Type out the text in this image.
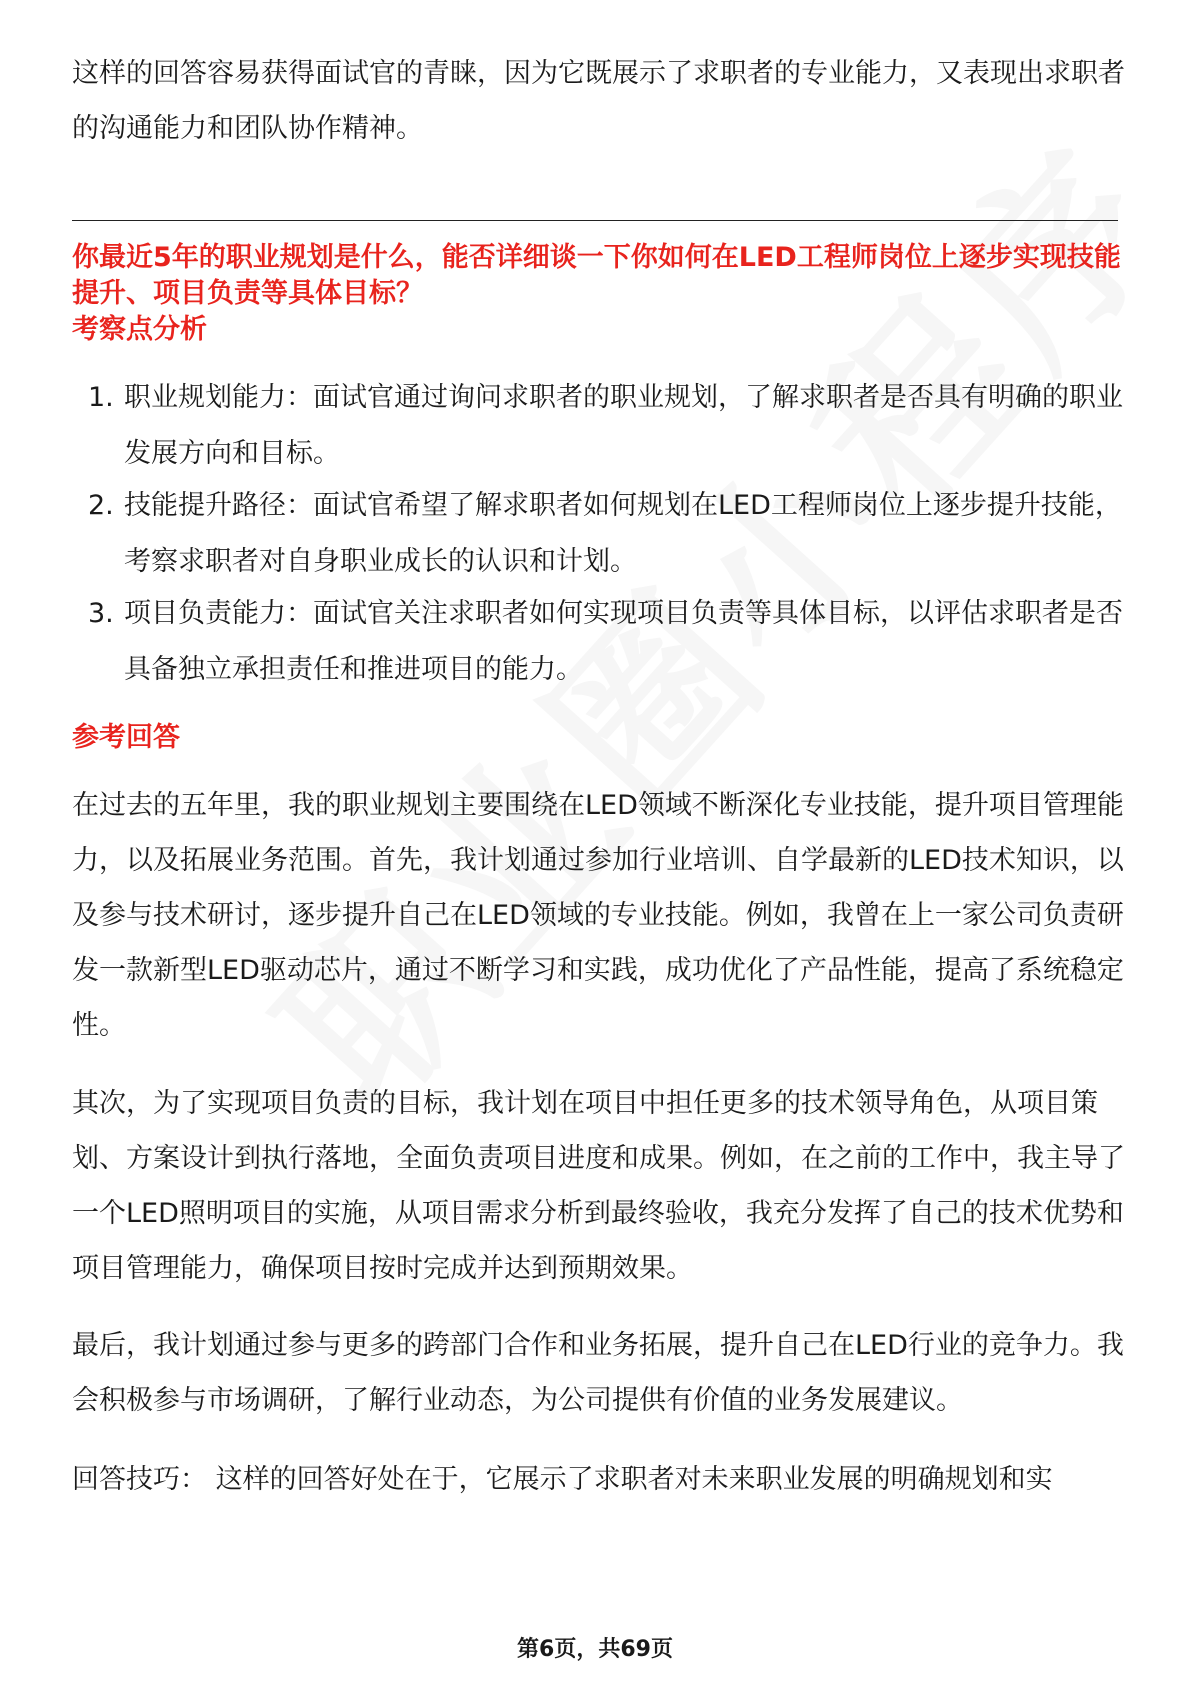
这样的回答容易获得面试官的青睐，因为它既展示了求职者的专业能力，又表现出求职者的沟通能力和团队协作精神。

你最近5年的职业规划是什么，能否详细谈一下你如何在LED工程师岗位上逐步实现技能提升、项目负责等具体目标？

考察点分析

1. 职业规划能力：面试官通过询问求职者的职业规划，了解求职者是否具有明确的职业发展方向和目标。
2. 技能提升路径：面试官希望了解求职者如何规划在LED工程师岗位上逐步提升技能，考察求职者对自身职业成长的认识和计划。
3. 项目负责能力：面试官关注求职者如何实现项目负责等具体目标，以评估求职者是否具备独立承担责任和推进项目的能力。

参考回答

在过去的五年里，我的职业规划主要围绕在LED领域不断深化专业技能，提升项目管理能力，以及拓展业务范围。首先，我计划通过参加行业培训、自学最新的LED技术知识，以及参与技术研讨，逐步提升自己在LED领域的专业技能。例如，我曾在上一家公司负责研发一款新型LED驱动芯片，通过不断学习和实践，成功优化了产品性能，提高了系统稳定性。

其次，为了实现项目负责的目标，我计划在项目中担任更多的技术领导角色，从项目策划、方案设计到执行落地，全面负责项目进度和成果。例如，在之前的工作中，我主导了一个LED照明项目的实施，从项目需求分析到最终验收，我充分发挥了自己的技术优势和项目管理能力，确保项目按时完成并达到预期效果。

最后，我计划通过参与更多的跨部门合作和业务拓展，提升自己在LED行业的竞争力。我会积极参与市场调研，了解行业动态，为公司提供有价值的业务发展建议。

回答技巧： 这样的回答好处在于，它展示了求职者对未来职业发展的明确规划和实

第6页，共69页
